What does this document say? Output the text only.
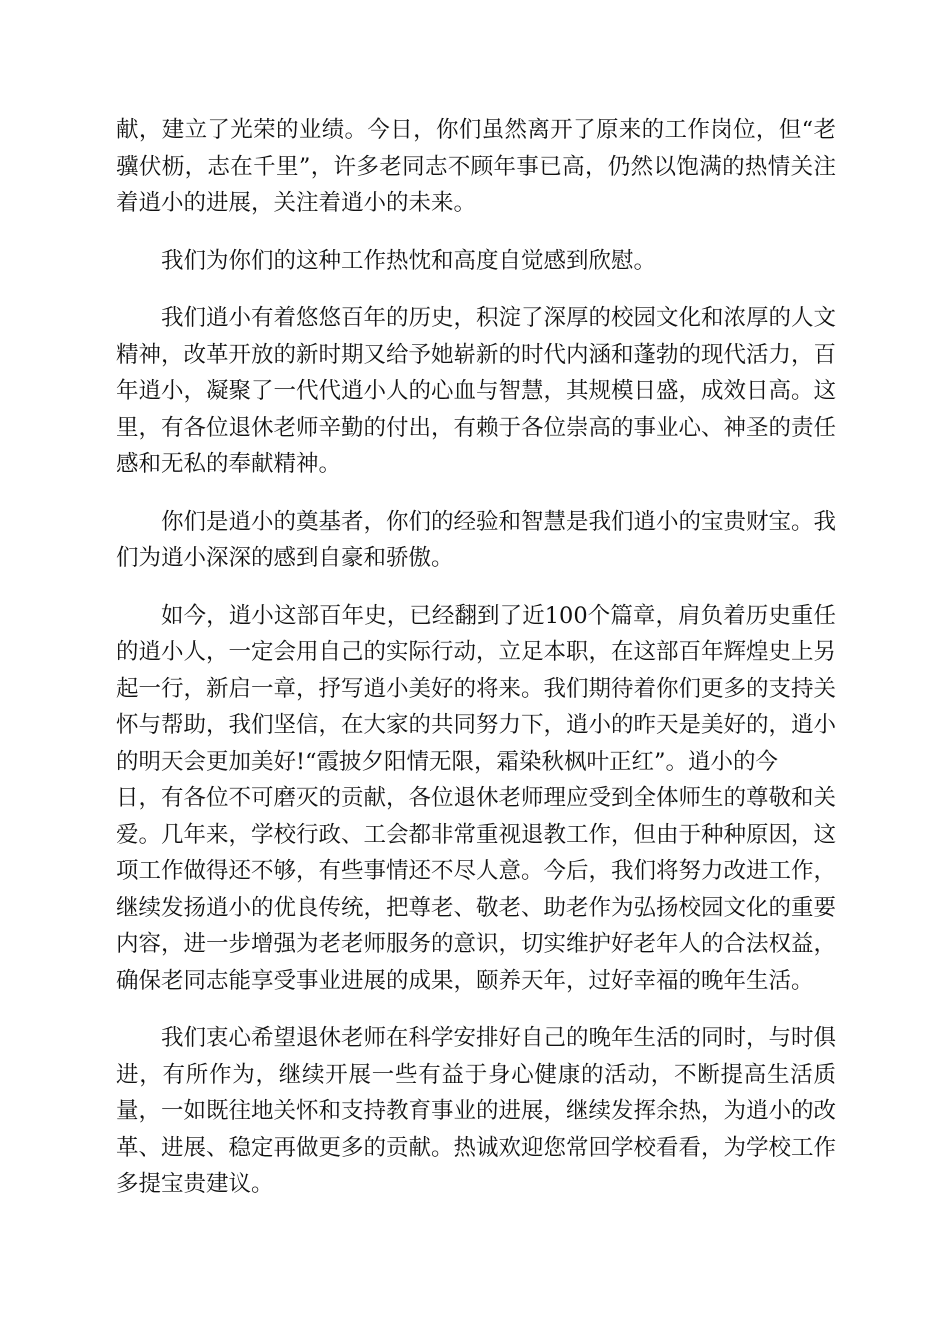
献，建立了光荣的业绩。今日，你们虽然离开了原来的工作岗位，但“老
骥伏枥，志在千里”，许多老同志不顾年事已高，仍然以饱满的热情关注
着逍小的进展，关注着逍小的未来。
我们为你们的这种工作热忱和高度自觉感到欣慰。
我们逍小有着悠悠百年的历史，积淀了深厚的校园文化和浓厚的人文
精神，改革开放的新时期又给予她崭新的时代内涵和蓬勃的现代活力，百
年逍小，凝聚了一代代逍小人的心血与智慧，其规模日盛，成效日高。这
里，有各位退休老师辛勤的付出，有赖于各位崇高的事业心、神圣的责任
感和无私的奉献精神。
你们是逍小的奠基者，你们的经验和智慧是我们逍小的宝贵财宝。我
们为逍小深深的感到自豪和骄傲。
如今，逍小这部百年史，已经翻到了近100个篇章，肩负着历史重任
的逍小人，一定会用自己的实际行动，立足本职，在这部百年辉煌史上另
起一行，新启一章，抒写逍小美好的将来。我们期待着你们更多的支持关
怀与帮助，我们坚信，在大家的共同努力下，逍小的昨天是美好的，逍小
的明天会更加美好!“霞披夕阳情无限，霜染秋枫叶正红”。逍小的今
日，有各位不可磨灭的贡献，各位退休老师理应受到全体师生的尊敬和关
爱。几年来，学校行政、工会都非常重视退教工作，但由于种种原因，这
项工作做得还不够，有些事情还不尽人意。今后，我们将努力改进工作，
继续发扬逍小的优良传统，把尊老、敬老、助老作为弘扬校园文化的重要
内容，进一步增强为老老师服务的意识，切实维护好老年人的合法权益，
确保老同志能享受事业进展的成果，颐养天年，过好幸福的晚年生活。
我们衷心希望退休老师在科学安排好自己的晚年生活的同时，与时俱
进，有所作为，继续开展一些有益于身心健康的活动，不断提高生活质
量，一如既往地关怀和支持教育事业的进展，继续发挥余热，为逍小的改
革、进展、稳定再做更多的贡献。热诚欢迎您常回学校看看，为学校工作
多提宝贵建议。
